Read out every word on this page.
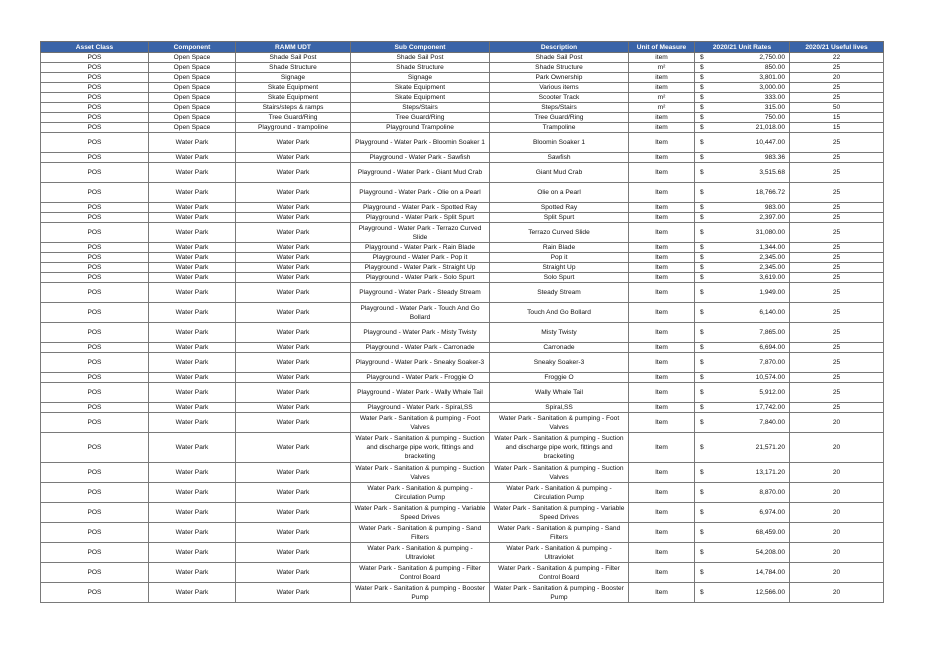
Asset Class	Component	RAMM UDT	Sub Component	Description	Unit of Measure	2020/21 Unit Rates	2020/21 Useful lives
POS	Open Space	Shade Sail Post	Shade Sail Post	Shade Sail Post	item	$ 2,750.00	22
POS	Open Space	Shade Structure	Shade Structure	Shade Structure	m²	$ 850.00	25
POS	Open Space	Signage	Signage	Park Ownership	item	$ 3,801.00	20
POS	Open Space	Skate Equipment	Skate Equipment	Various items	item	$ 3,000.00	25
POS	Open Space	Skate Equipment	Skate Equipment	Scooter Track	m²	$ 333.00	25
POS	Open Space	Stairs/steps & ramps	Steps/Stairs	Steps/Stairs	m²	$ 315.00	50
POS	Open Space	Tree Guard/Ring	Tree Guard/Ring	Tree Guard/Ring	item	$ 750.00	15
POS	Open Space	Playground - trampoline	Playground Trampoline	Trampoline	item	$ 21,018.00	15
POS	Water Park	Water Park	Playground - Water Park - Bloomin Soaker 1	Bloomin Soaker 1	Item	$ 10,447.00	25
POS	Water Park	Water Park	Playground - Water Park - Sawfish	Sawfish	Item	$ 983.36	25
POS	Water Park	Water Park	Playground - Water Park - Giant Mud Crab	Giant Mud Crab	Item	$ 3,515.68	25
POS	Water Park	Water Park	Playground - Water Park - Olie on a Pearl	Olie on a Pearl	Item	$ 18,766.72	25
POS	Water Park	Water Park	Playground - Water Park - Spotted Ray	Spotted Ray	Item	$ 983.00	25
POS	Water Park	Water Park	Playground - Water Park - Split Spurt	Split Spurt	Item	$ 2,397.00	25
POS	Water Park	Water Park	Playground - Water Park - Terrazo Curved Slide	Terrazo Curved Slide	Item	$ 31,080.00	25
POS	Water Park	Water Park	Playground - Water Park - Rain Blade	Rain Blade	Item	$ 1,344.00	25
POS	Water Park	Water Park	Playground - Water Park - Pop it	Pop it	Item	$ 2,345.00	25
POS	Water Park	Water Park	Playground - Water Park - Straight Up	Straight Up	Item	$ 2,345.00	25
POS	Water Park	Water Park	Playground - Water Park - Solo Spurt	Solo Spurt	Item	$ 3,619.00	25
POS	Water Park	Water Park	Playground - Water Park - Steady Stream	Steady Stream	Item	$ 1,949.00	25
POS	Water Park	Water Park	Playground - Water Park - Touch And Go Bollard	Touch And Go Bollard	Item	$ 6,140.00	25
POS	Water Park	Water Park	Playground - Water Park - Misty Twisty	Misty Twisty	Item	$ 7,865.00	25
POS	Water Park	Water Park	Playground - Water Park - Carronade	Carronade	Item	$ 6,694.00	25
POS	Water Park	Water Park	Playground - Water Park - Sneaky Soaker-3	Sneaky Soaker-3	Item	$ 7,870.00	25
POS	Water Park	Water Park	Playground - Water Park - Froggie O	Froggie O	Item	$ 10,574.00	25
POS	Water Park	Water Park	Playground - Water Park - Wally Whale Tail	Wally Whale Tail	Item	$ 5,912.00	25
POS	Water Park	Water Park	Playground - Water Park - Spiral,SS	Spiral,SS	Item	$ 17,742.00	25
POS	Water Park	Water Park	Water Park - Sanitation & pumping - Foot Valves	Water Park - Sanitation & pumping - Foot Valves	Item	$ 7,840.00	20
POS	Water Park	Water Park	Water Park - Sanitation & pumping - Suction and discharge pipe work, fittings and bracketing	Water Park - Sanitation & pumping - Suction and discharge pipe work, fittings and bracketing	Item	$ 21,571.20	20
POS	Water Park	Water Park	Water Park - Sanitation & pumping - Suction Valves	Water Park - Sanitation & pumping - Suction Valves	Item	$ 13,171.20	20
POS	Water Park	Water Park	Water Park - Sanitation & pumping - Circulation Pump	Water Park - Sanitation & pumping - Circulation Pump	Item	$ 8,870.00	20
POS	Water Park	Water Park	Water Park - Sanitation & pumping - Variable Speed Drives	Water Park - Sanitation & pumping - Variable Speed Drives	Item	$ 6,974.00	20
POS	Water Park	Water Park	Water Park - Sanitation & pumping - Sand Filters	Water Park - Sanitation & pumping - Sand Filters	Item	$ 68,459.00	20
POS	Water Park	Water Park	Water Park - Sanitation & pumping - Ultraviolet	Water Park - Sanitation & pumping - Ultraviolet	Item	$ 54,208.00	20
POS	Water Park	Water Park	Water Park - Sanitation & pumping - Filter Control Board	Water Park - Sanitation & pumping - Filter Control Board	Item	$ 14,784.00	20
POS	Water Park	Water Park	Water Park - Sanitation & pumping - Booster Pump	Water Park - Sanitation & pumping - Booster Pump	Item	$ 12,566.00	20
